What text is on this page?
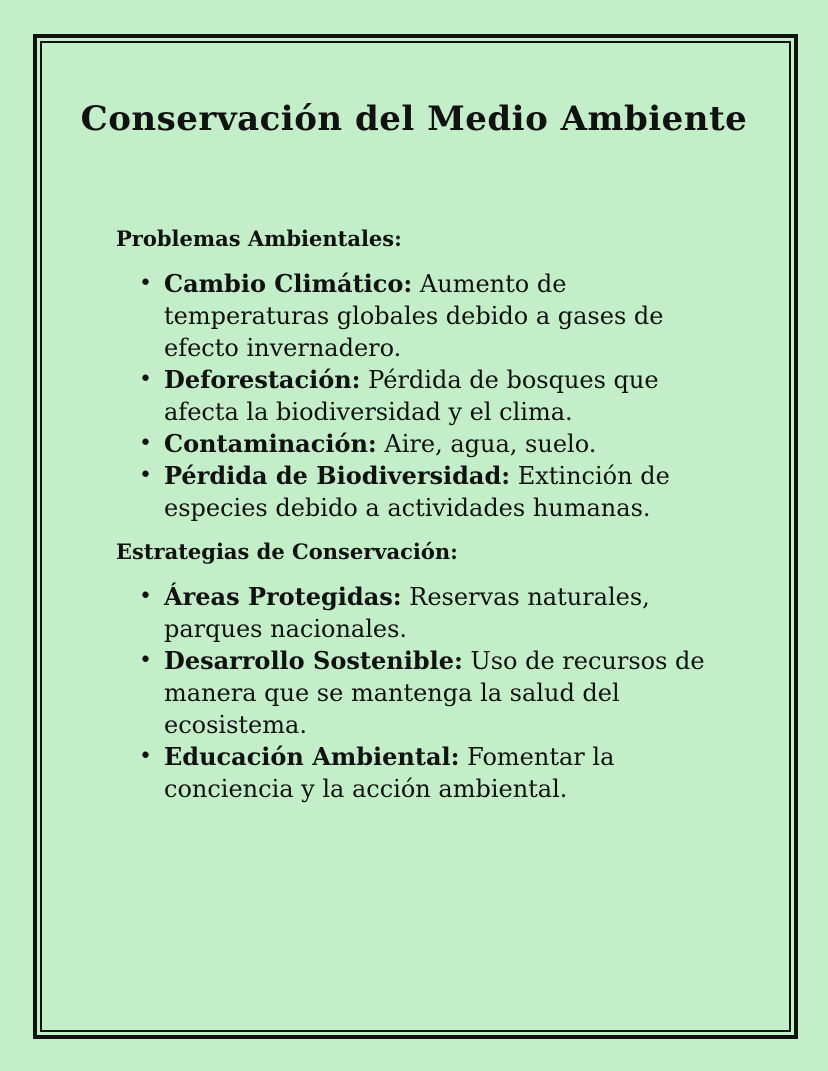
Conservación del Medio Ambiente
Problemas Ambientales:
• Cambio Climático: Aumento de temperaturas globales debido a gases de efecto invernadero.
• Deforestación: Pérdida de bosques que afecta la biodiversidad y el clima.
• Contaminación: Aire, agua, suelo.
• Pérdida de Biodiversidad: Extinción de especies debido a actividades humanas.
Estrategias de Conservación:
• Áreas Protegidas: Reservas naturales, parques nacionales.
• Desarrollo Sostenible: Uso de recursos de manera que se mantenga la salud del ecosistema.
• Educación Ambiental: Fomentar la conciencia y la acción ambiental.
